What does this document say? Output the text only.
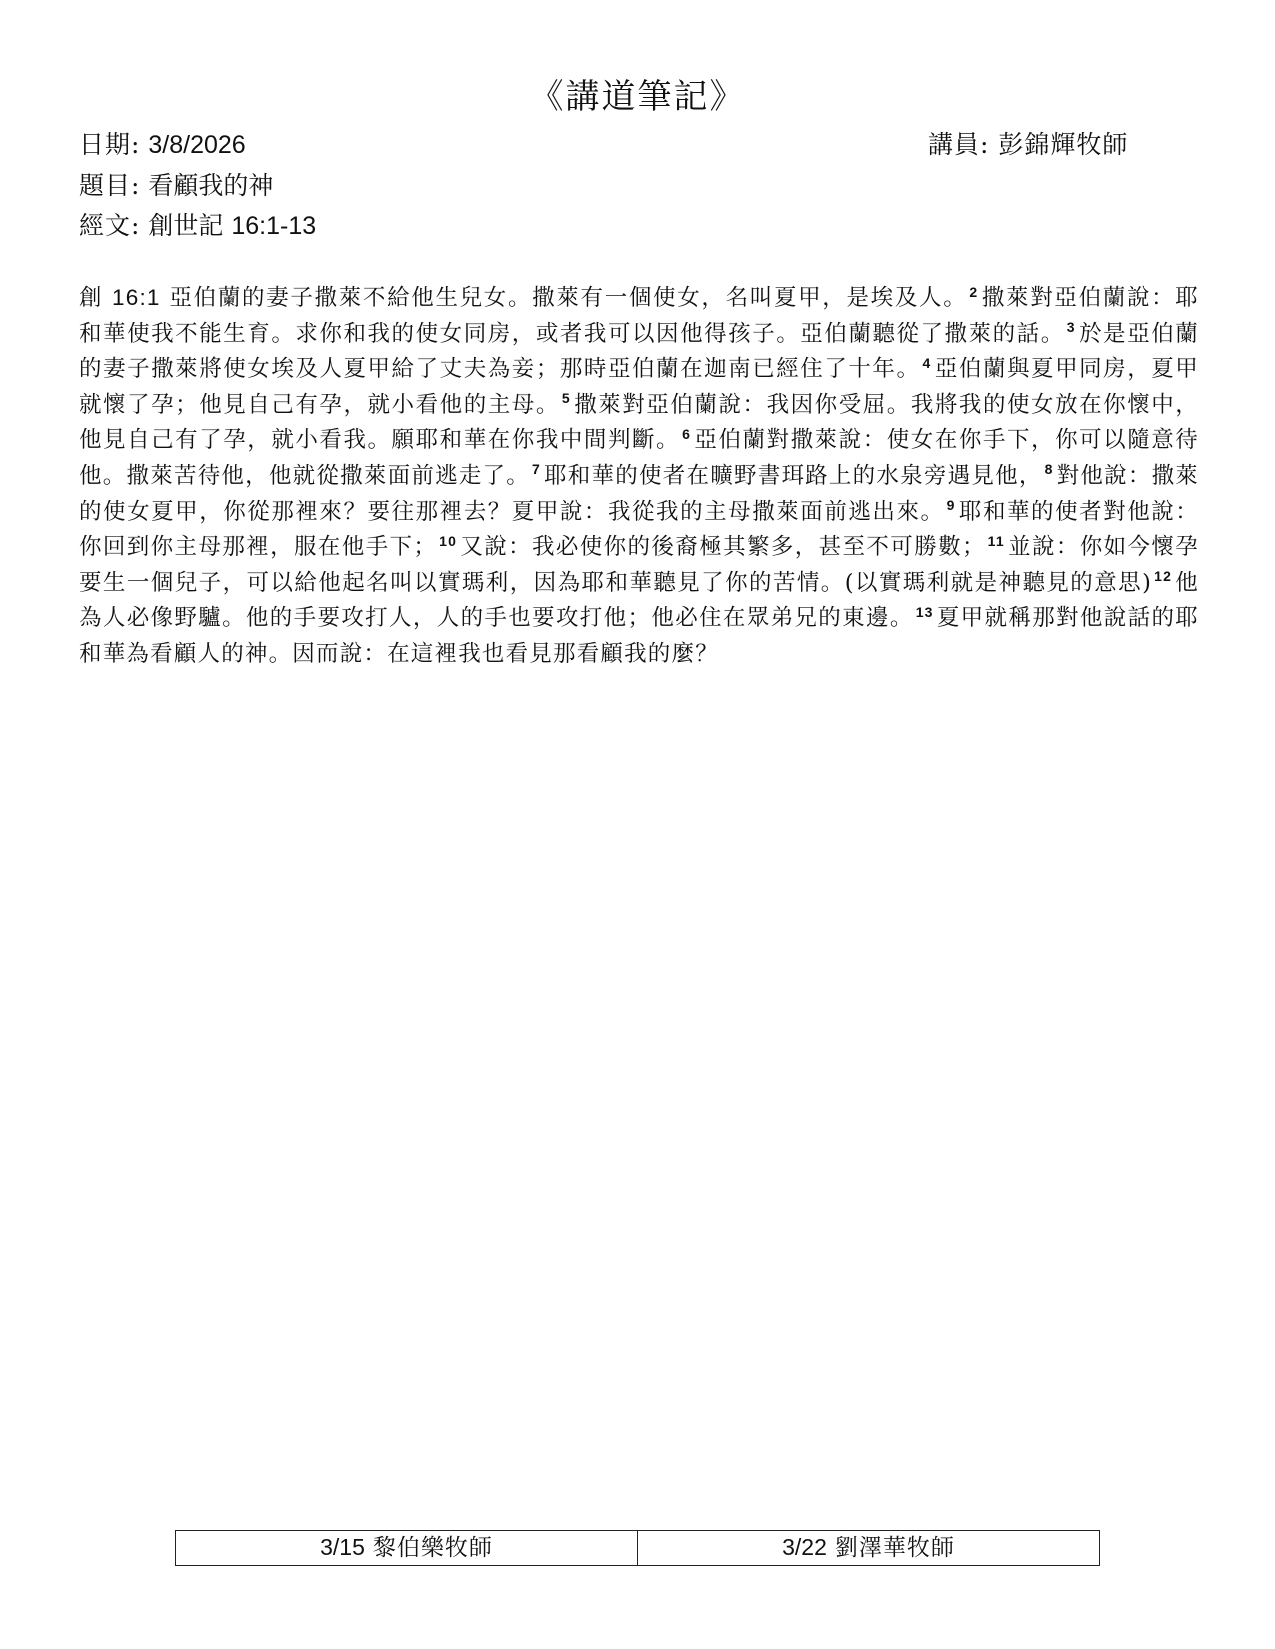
《講道筆記》
日期: 3/8/2026	講員: 彭錦輝牧師
題目: 看顧我的神
經文: 創世記 16:1-13
創 16:1 亞伯蘭的妻子撒萊不給他生兒女。撒萊有一個使女，名叫夏甲，是埃及人。 $^2$ 撒萊對亞伯蘭說：耶和華使我不能生育。求你和我的使女同房，或者我可以因他得孩子。亞伯蘭聽從了撒萊的話。 $^3$ 於是亞伯蘭的妻子撒萊將使女埃及人夏甲給了丈夫為妾；那時亞伯蘭在迦南已經住了十年。 $^4$ 亞伯蘭與夏甲同房，夏甲就懷了孕；他見自己有孕，就小看他的主母。 $^5$ 撒萊對亞伯蘭說：我因你受屈。我將我的使女放在你懷中，他見自己有了孕，就小看我。願耶和華在你我中間判斷。 $^6$ 亞伯蘭對撒萊說：使女在你手下，你可以隨意待他。撒萊苦待他，他就從撒萊面前逃走了。 $^7$ 耶和華的使者在曠野書珥路上的水泉旁遇見他， $^8$ 對他說：撒萊的使女夏甲，你從那裡來？要往那裡去？夏甲說：我從我的主母撒萊面前逃出來。 $^9$ 耶和華的使者對他說：你回到你主母那裡，服在他手下； $^{10}$ 又說：我必使你的後裔極其繁多，甚至不可勝數； $^{11}$ 並說：你如今懷孕要生一個兒子，可以給他起名叫以實瑪利，因為耶和華聽見了你的苦情。(以實瑪利就是神聽見的意思) $^{12}$ 他為人必像野驢。他的手要攻打人，人的手也要攻打他；他必住在眾弟兄的東邊。 $^{13}$ 夏甲就稱那對他說話的耶和華為看顧人的神。因而說：在這裡我也看見那看顧我的麼？
3/15 黎伯樂牧師	3/22 劉澤華牧師
